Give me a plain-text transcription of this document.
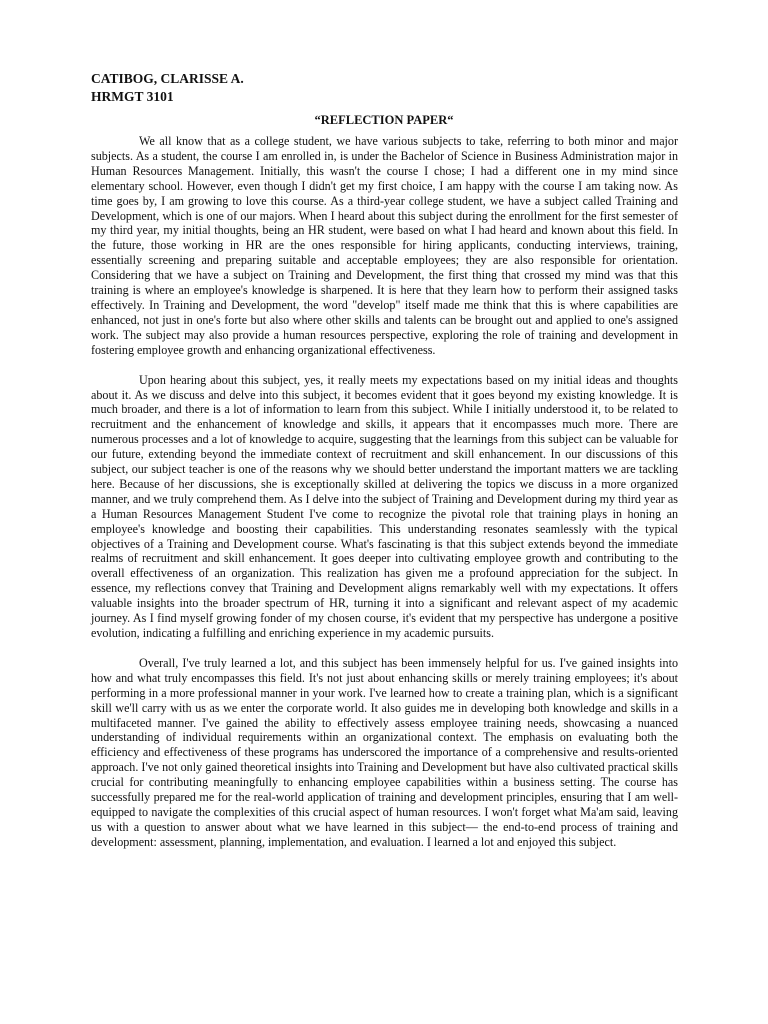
CATIBOG, CLARISSE A.
HRMGT 3101
“REFLECTION PAPER“

We all know that as a college student, we have various subjects to take, referring to both minor and major subjects. As a student, the course I am enrolled in, is under the Bachelor of Science in Business Administration major in Human Resources Management. Initially, this wasn't the course I chose; I had a different one in my mind since elementary school. However, even though I didn't get my first choice, I am happy with the course I am taking now. As time goes by, I am growing to love this course. As a third-year college student, we have a subject called Training and Development, which is one of our majors. When I heard about this subject during the enrollment for the first semester of my third year, my initial thoughts, being an HR student, were based on what I had heard and known about this field. In the future, those working in HR are the ones responsible for hiring applicants, conducting interviews, training, essentially screening and preparing suitable and acceptable employees; they are also responsible for orientation. Considering that we have a subject on Training and Development, the first thing that crossed my mind was that this training is where an employee's knowledge is sharpened. It is here that they learn how to perform their assigned tasks effectively. In Training and Development, the word "develop" itself made me think that this is where capabilities are enhanced, not just in one's forte but also where other skills and talents can be brought out and applied to one's assigned work. The subject may also provide a human resources perspective, exploring the role of training and development in fostering employee growth and enhancing organizational effectiveness.

Upon hearing about this subject, yes, it really meets my expectations based on my initial ideas and thoughts about it. As we discuss and delve into this subject, it becomes evident that it goes beyond my existing knowledge. It is much broader, and there is a lot of information to learn from this subject. While I initially understood it, to be related to recruitment and the enhancement of knowledge and skills, it appears that it encompasses much more. There are numerous processes and a lot of knowledge to acquire, suggesting that the learnings from this subject can be valuable for our future, extending beyond the immediate context of recruitment and skill enhancement. In our discussions of this subject, our subject teacher is one of the reasons why we should better understand the important matters we are tackling here. Because of her discussions, she is exceptionally skilled at delivering the topics we discuss in a more organized manner, and we truly comprehend them. As I delve into the subject of Training and Development during my third year as a Human Resources Management Student I've come to recognize the pivotal role that training plays in honing an employee's knowledge and boosting their capabilities. This understanding resonates seamlessly with the typical objectives of a Training and Development course. What's fascinating is that this subject extends beyond the immediate realms of recruitment and skill enhancement. It goes deeper into cultivating employee growth and contributing to the overall effectiveness of an organization. This realization has given me a profound appreciation for the subject. In essence, my reflections convey that Training and Development aligns remarkably well with my expectations. It offers valuable insights into the broader spectrum of HR, turning it into a significant and relevant aspect of my academic journey. As I find myself growing fonder of my chosen course, it's evident that my perspective has undergone a positive evolution, indicating a fulfilling and enriching experience in my academic pursuits.

Overall, I've truly learned a lot, and this subject has been immensely helpful for us. I've gained insights into how and what truly encompasses this field. It's not just about enhancing skills or merely training employees; it's about performing in a more professional manner in your work. I've learned how to create a training plan, which is a significant skill we'll carry with us as we enter the corporate world. It also guides me in developing both knowledge and skills in a multifaceted manner. I've gained the ability to effectively assess employee training needs, showcasing a nuanced understanding of individual requirements within an organizational context. The emphasis on evaluating both the efficiency and effectiveness of these programs has underscored the importance of a comprehensive and results-oriented approach. I've not only gained theoretical insights into Training and Development but have also cultivated practical skills crucial for contributing meaningfully to enhancing employee capabilities within a business setting. The course has successfully prepared me for the real-world application of training and development principles, ensuring that I am well-equipped to navigate the complexities of this crucial aspect of human resources. I won't forget what Ma'am said, leaving us with a question to answer about what we have learned in this subject— the end-to-end process of training and development: assessment, planning, implementation, and evaluation. I learned a lot and enjoyed this subject.
